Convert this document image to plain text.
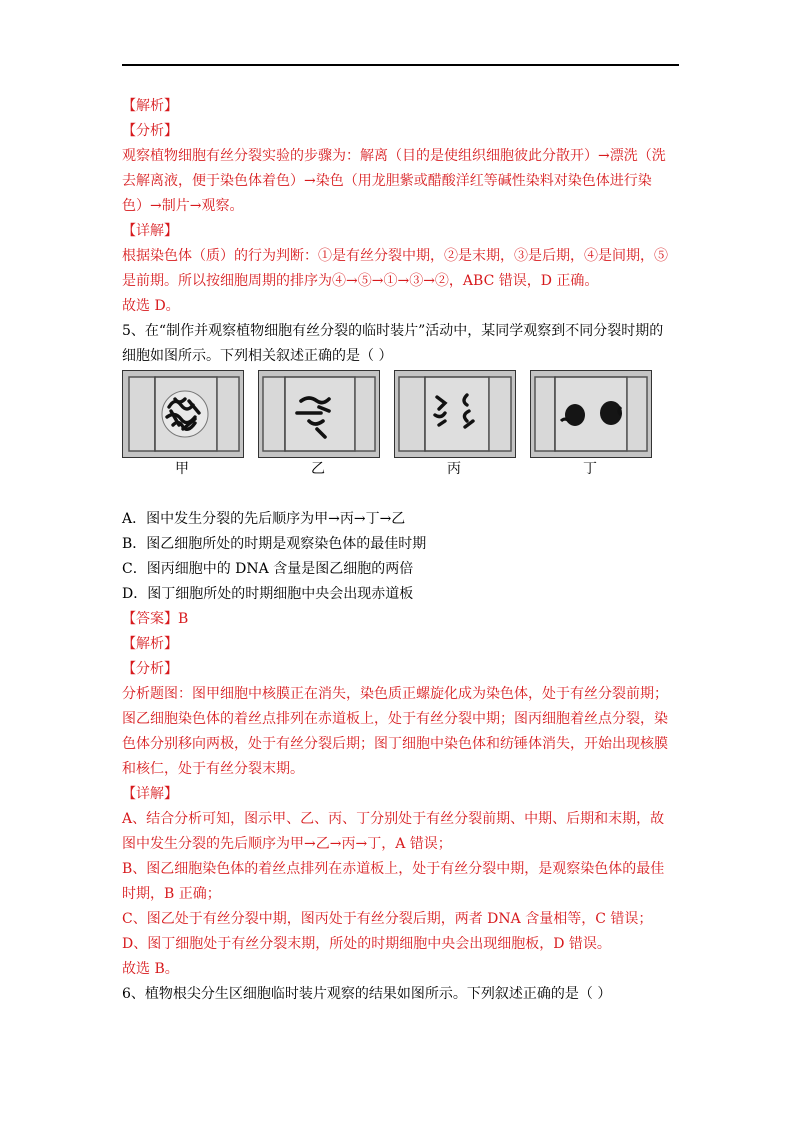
【解析】
【分析】
观察植物细胞有丝分裂实验的步骤为：解离（目的是使组织细胞彼此分散开）→漂洗（洗
去解离液，便于染色体着色）→染色（用龙胆紫或醋酸洋红等碱性染料对染色体进行染
色）→制片→观察。
【详解】
根据染色体（质）的行为判断：①是有丝分裂中期，②是末期，③是后期，④是间期，⑤
是前期。所以按细胞周期的排序为④→⑤→①→③→②，ABC 错误，D 正确。
故选 D。
5、在“制作并观察植物细胞有丝分裂的临时装片”活动中，某同学观察到不同分裂时期的
细胞如图所示。下列相关叙述正确的是（ ）
甲	乙	丙	丁
A．图中发生分裂的先后顺序为甲→丙→丁→乙
B．图乙细胞所处的时期是观察染色体的最佳时期
C．图丙细胞中的 DNA 含量是图乙细胞的两倍
D．图丁细胞所处的时期细胞中央会出现赤道板
【答案】B
【解析】
【分析】
分析题图：图甲细胞中核膜正在消失，染色质正螺旋化成为染色体，处于有丝分裂前期；
图乙细胞染色体的着丝点排列在赤道板上，处于有丝分裂中期；图丙细胞着丝点分裂，染
色体分别移向两极，处于有丝分裂后期；图丁细胞中染色体和纺锤体消失，开始出现核膜
和核仁，处于有丝分裂末期。
【详解】
A、结合分析可知，图示甲、乙、丙、丁分别处于有丝分裂前期、中期、后期和末期，故
图中发生分裂的先后顺序为甲→乙→丙→丁，A 错误；
B、图乙细胞染色体的着丝点排列在赤道板上，处于有丝分裂中期，是观察染色体的最佳
时期，B 正确；
C、图乙处于有丝分裂中期，图丙处于有丝分裂后期，两者 DNA 含量相等，C 错误；
D、图丁细胞处于有丝分裂末期，所处的时期细胞中央会出现细胞板，D 错误。
故选 B。
6、植物根尖分生区细胞临时装片观察的结果如图所示。下列叙述正确的是（ ）
